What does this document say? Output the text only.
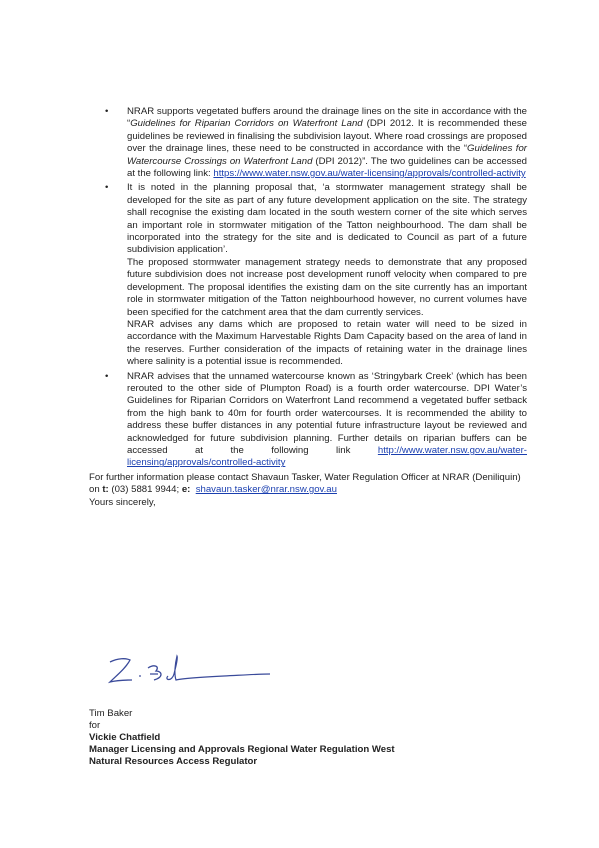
• NRAR supports vegetated buffers around the drainage lines on the site in accordance with the “Guidelines for Riparian Corridors on Waterfront Land (DPI 2012. It is recommended these guidelines be reviewed in finalising the subdivision layout. Where road crossings are proposed over the drainage lines, these need to be constructed in accordance with the “Guidelines for Watercourse Crossings on Waterfront Land (DPI 2012)”. The two guidelines can be accessed at the following link: https://www.water.nsw.gov.au/water-licensing/approvals/controlled-activity

• It is noted in the planning proposal that, ‘a stormwater management strategy shall be developed for the site as part of any future development application on the site. The strategy shall recognise the existing dam located in the south western corner of the site which serves an important role in stormwater mitigation of the Tatton neighbourhood. The dam shall be incorporated into the strategy for the site and is dedicated to Council as part of a future subdivision application’.

The proposed stormwater management strategy needs to demonstrate that any proposed future subdivision does not increase post development runoff velocity when compared to pre development. The proposal identifies the existing dam on the site currently has an important role in stormwater mitigation of the Tatton neighbourhood however, no current volumes have been specified for the catchment area that the dam currently services.

NRAR advises any dams which are proposed to retain water will need to be sized in accordance with the Maximum Harvestable Rights Dam Capacity based on the area of land in the reserves. Further consideration of the impacts of retaining water in the drainage lines where salinity is a potential issue is recommended.

• NRAR advises that the unnamed watercourse known as ‘Stringybark Creek’ (which has been rerouted to the other side of Plumpton Road) is a fourth order watercourse. DPI Water’s Guidelines for Riparian Corridors on Waterfront Land recommend a vegetated buffer setback from the high bank to 40m for fourth order watercourses. It is recommended the ability to address these buffer distances in any potential future infrastructure layout be reviewed and acknowledged for future subdivision planning. Further details on riparian buffers can be accessed at the following link http://www.water.nsw.gov.au/water-licensing/approvals/controlled-activity

For further information please contact Shavaun Tasker, Water Regulation Officer at NRAR (Deniliquin) on t: (03) 5881 9944; e: shavaun.tasker@nrar.nsw.gov.au

Yours sincerely,

Tim Baker
for
Vickie Chatfield
Manager Licensing and Approvals Regional Water Regulation West
Natural Resources Access Regulator
